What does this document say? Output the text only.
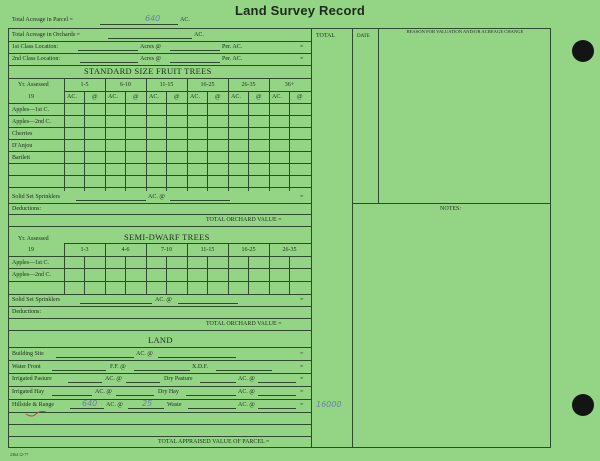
Land Survey Record
TOTAL	DATE
REASON FOR VALUATION AND/OR ACREAGE CHANGE
NOTES:
Total Acreage in Parcel =	640	AC.
Total Acreage in Orchards =	AC.
1st Class Location:	Acres @	Per. AC.	=
2nd Class Location:	Acres @	Per. AC.	=
STANDARD SIZE FRUIT TREES
Yr. Assessed
19
1-5	6-10	11-15	16-25	26-35	36+
AC.	@ AC.	@ AC.	@ AC.	@ AC.	@ AC.	@
Apples—1st C.
Apples—2nd C.
Cherries
D'Anjou
Bartlett
Solid Set Sprinklers	AC. @	=
Deductions:
TOTAL ORCHARD VALUE =
Yr. Assessed	SEMI-DWARF TREES
19	1-3	4-6	7-10	11-15	16-25	26-35
Apples—1st C.
Apples—2nd C.
Solid Set Sprinklers	AC. @	=
Deductions:
TOTAL ORCHARD VALUE =
LAND
Building Site	AC. @	=
Water Front	F.F. @	X.D.F.	=
Irrigated Pasture	AC. @	Dry Pasture	AC. @	=
Irrigated Hay	AC. @	Dry Hay	AC. @	=
Hillside & Range	640 AC. @ 25 Waste	AC. @	= 16000
TOTAL APPRAISED VALUE OF PARCEL =
2364 12-77
